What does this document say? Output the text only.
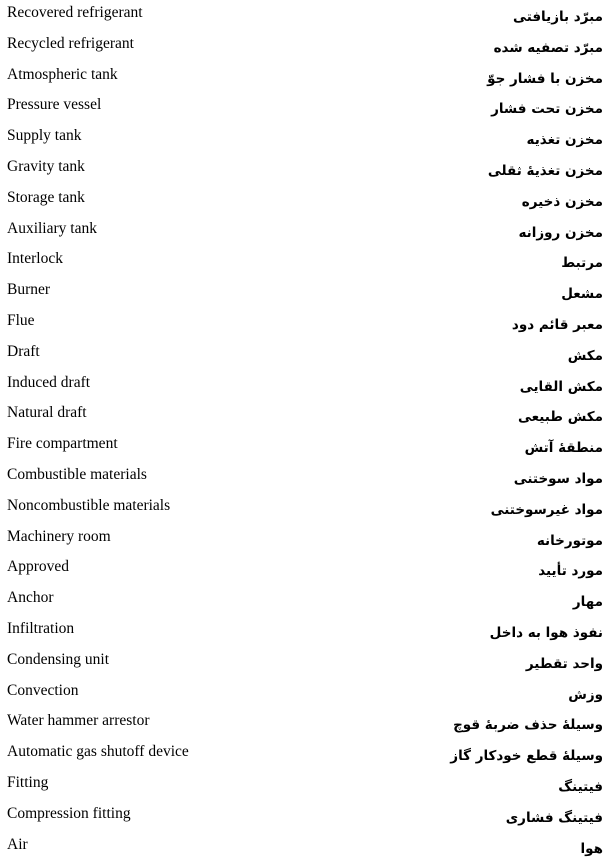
Recovered refrigerant	مبرّد بازیافتی
Recycled refrigerant	مبرّد تصفیه شده
Atmospheric tank	مخزن با فشار جوّ
Pressure vessel	مخزن تحت فشار
Supply tank	مخزن تغذیه
Gravity tank	مخزن تغذیهٔ ثقلی
Storage tank	مخزن ذخیره
Auxiliary tank	مخزن روزانه
Interlock	مرتبط
Burner	مشعل
Flue	معبر قائم دود
Draft	مکش
Induced draft	مکش القایی
Natural draft	مکش طبیعی
Fire compartment	منطقهٔ آتش
Combustible materials	مواد سوختنی
Noncombustible materials	مواد غیرسوختنی
Machinery room	موتورخانه
Approved	مورد تأیید
Anchor	مهار
Infiltration	نفوذ هوا به داخل
Condensing unit	واحد تقطیر
Convection	وزش
Water hammer arrestor	وسیلهٔ حذف ضربهٔ قوچ
Automatic gas shutoff device	وسیلهٔ قطع خودکار گاز
Fitting	فیتینگ
Compression fitting	فیتینگ فشاری
Air	هوا
